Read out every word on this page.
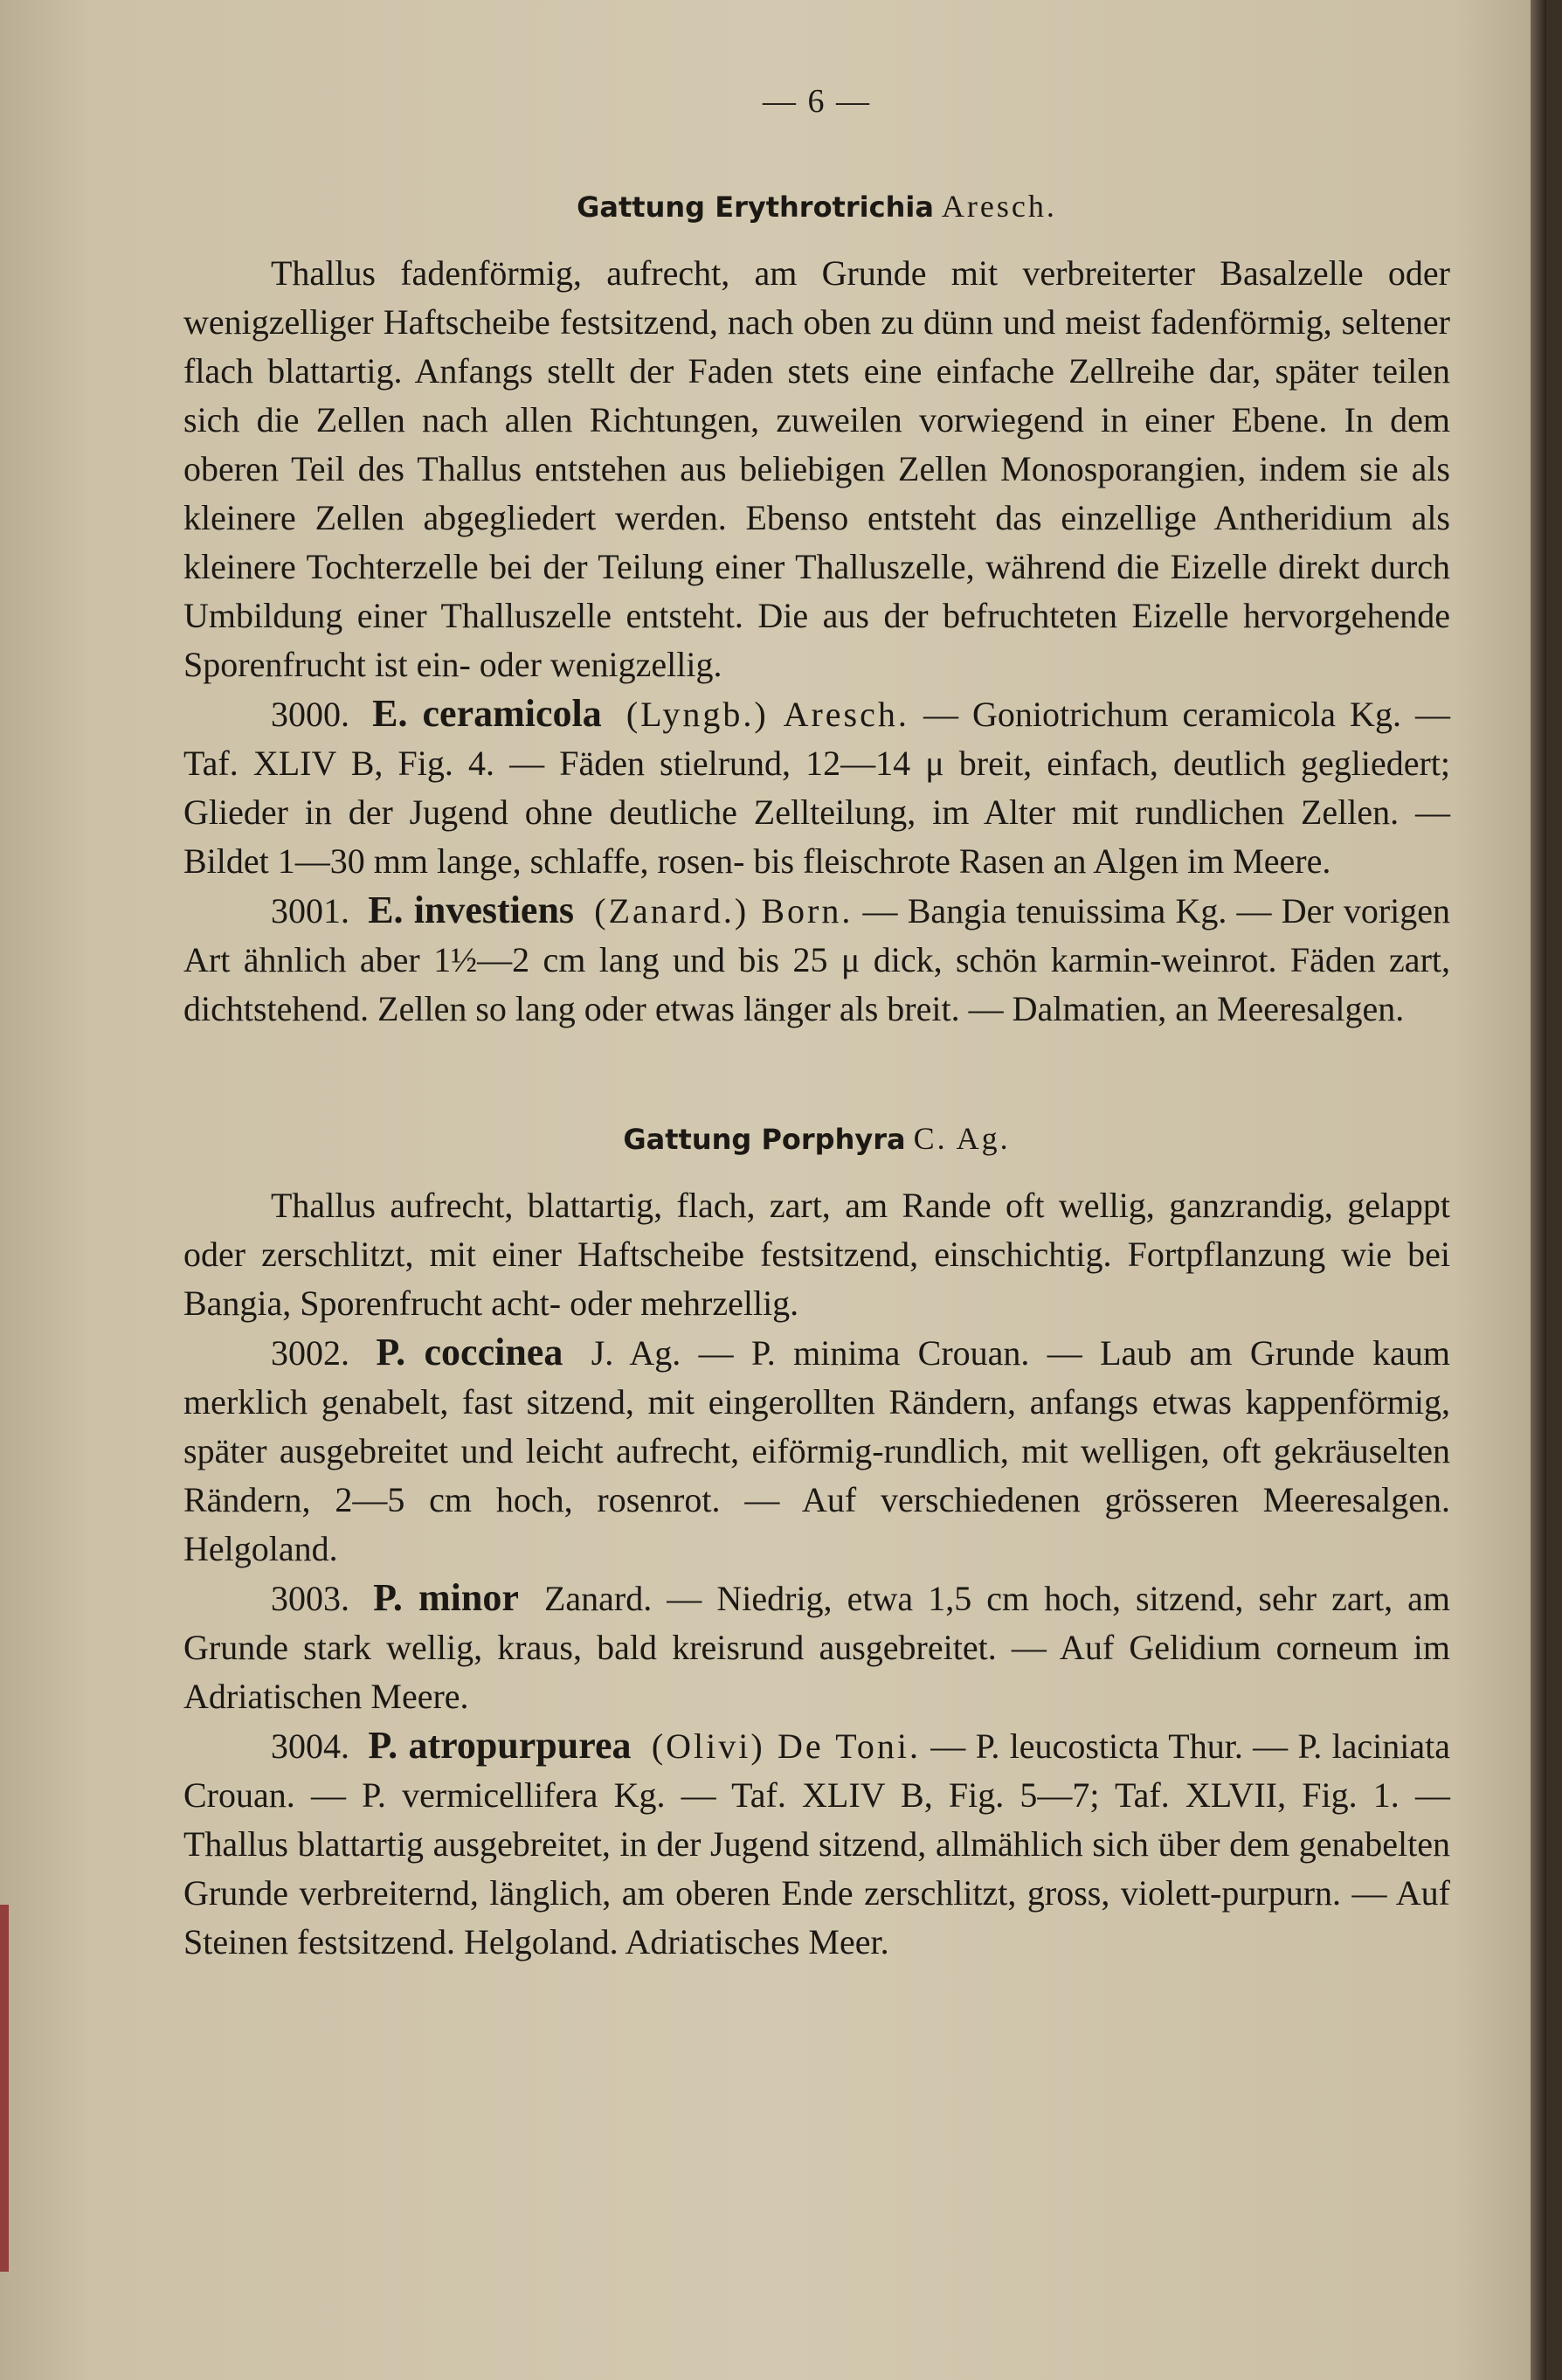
— 6 —
Gattung Erythrotrichia Aresch.

Thallus fadenförmig, aufrecht, am Grunde mit verbreiterter Basalzelle oder wenigzelliger Haftscheibe festsitzend, nach oben zu dünn und meist fadenförmig, seltener flach blattartig. Anfangs stellt der Faden stets eine einfache Zellreihe dar, später teilen sich die Zellen nach allen Richtungen, zuweilen vorwiegend in einer Ebene. In dem oberen Teil des Thallus entstehen aus beliebigen Zellen Monosporangien, indem sie als kleinere Zellen abgegliedert werden. Ebenso entsteht das einzellige Antheridium als kleinere Tochterzelle bei der Teilung einer Thalluszelle, während die Eizelle direkt durch Umbildung einer Thalluszelle entsteht. Die aus der befruchteten Eizelle hervorgehende Sporenfrucht ist ein- oder wenigzellig.

3000. E. ceramicola (Lyngb.) Aresch. — Goniotrichum ceramicola Kg. — Taf. XLIV B, Fig. 4. — Fäden stielrund, 12—14 μ breit, einfach, deutlich gegliedert; Glieder in der Jugend ohne deutliche Zellteilung, im Alter mit rundlichen Zellen. — Bildet 1—30 mm lange, schlaffe, rosen- bis fleischrote Rasen an Algen im Meere.

3001. E. investiens (Zanard.) Born. — Bangia tenuissima Kg. — Der vorigen Art ähnlich aber 1½—2 cm lang und bis 25 μ dick, schön karmin-weinrot. Fäden zart, dichtstehend. Zellen so lang oder etwas länger als breit. — Dalmatien, an Meeresalgen.

Gattung Porphyra C. Ag.

Thallus aufrecht, blattartig, flach, zart, am Rande oft wellig, ganzrandig, gelappt oder zerschlitzt, mit einer Haftscheibe festsitzend, einschichtig. Fortpflanzung wie bei Bangia, Sporenfrucht acht- oder mehrzellig.

3002. P. coccinea J. Ag. — P. minima Crouan. — Laub am Grunde kaum merklich genabelt, fast sitzend, mit eingerollten Rändern, anfangs etwas kappenförmig, später ausgebreitet und leicht aufrecht, eiförmig-rundlich, mit welligen, oft gekräuselten Rändern, 2—5 cm hoch, rosenrot. — Auf verschiedenen grösseren Meeresalgen. Helgoland.

3003. P. minor Zanard. — Niedrig, etwa 1,5 cm hoch, sitzend, sehr zart, am Grunde stark wellig, kraus, bald kreisrund ausgebreitet. — Auf Gelidium corneum im Adriatischen Meere.

3004. P. atropurpurea (Olivi) De Toni. — P. leucosticta Thur. — P. laciniata Crouan. — P. vermicellifera Kg. — Taf. XLIV B, Fig. 5—7; Taf. XLVII, Fig. 1. — Thallus blattartig ausgebreitet, in der Jugend sitzend, allmählich sich über dem genabelten Grunde verbreiternd, länglich, am oberen Ende zerschlitzt, gross, violett-purpurn. — Auf Steinen festsitzend. Helgoland. Adriatisches Meer.
